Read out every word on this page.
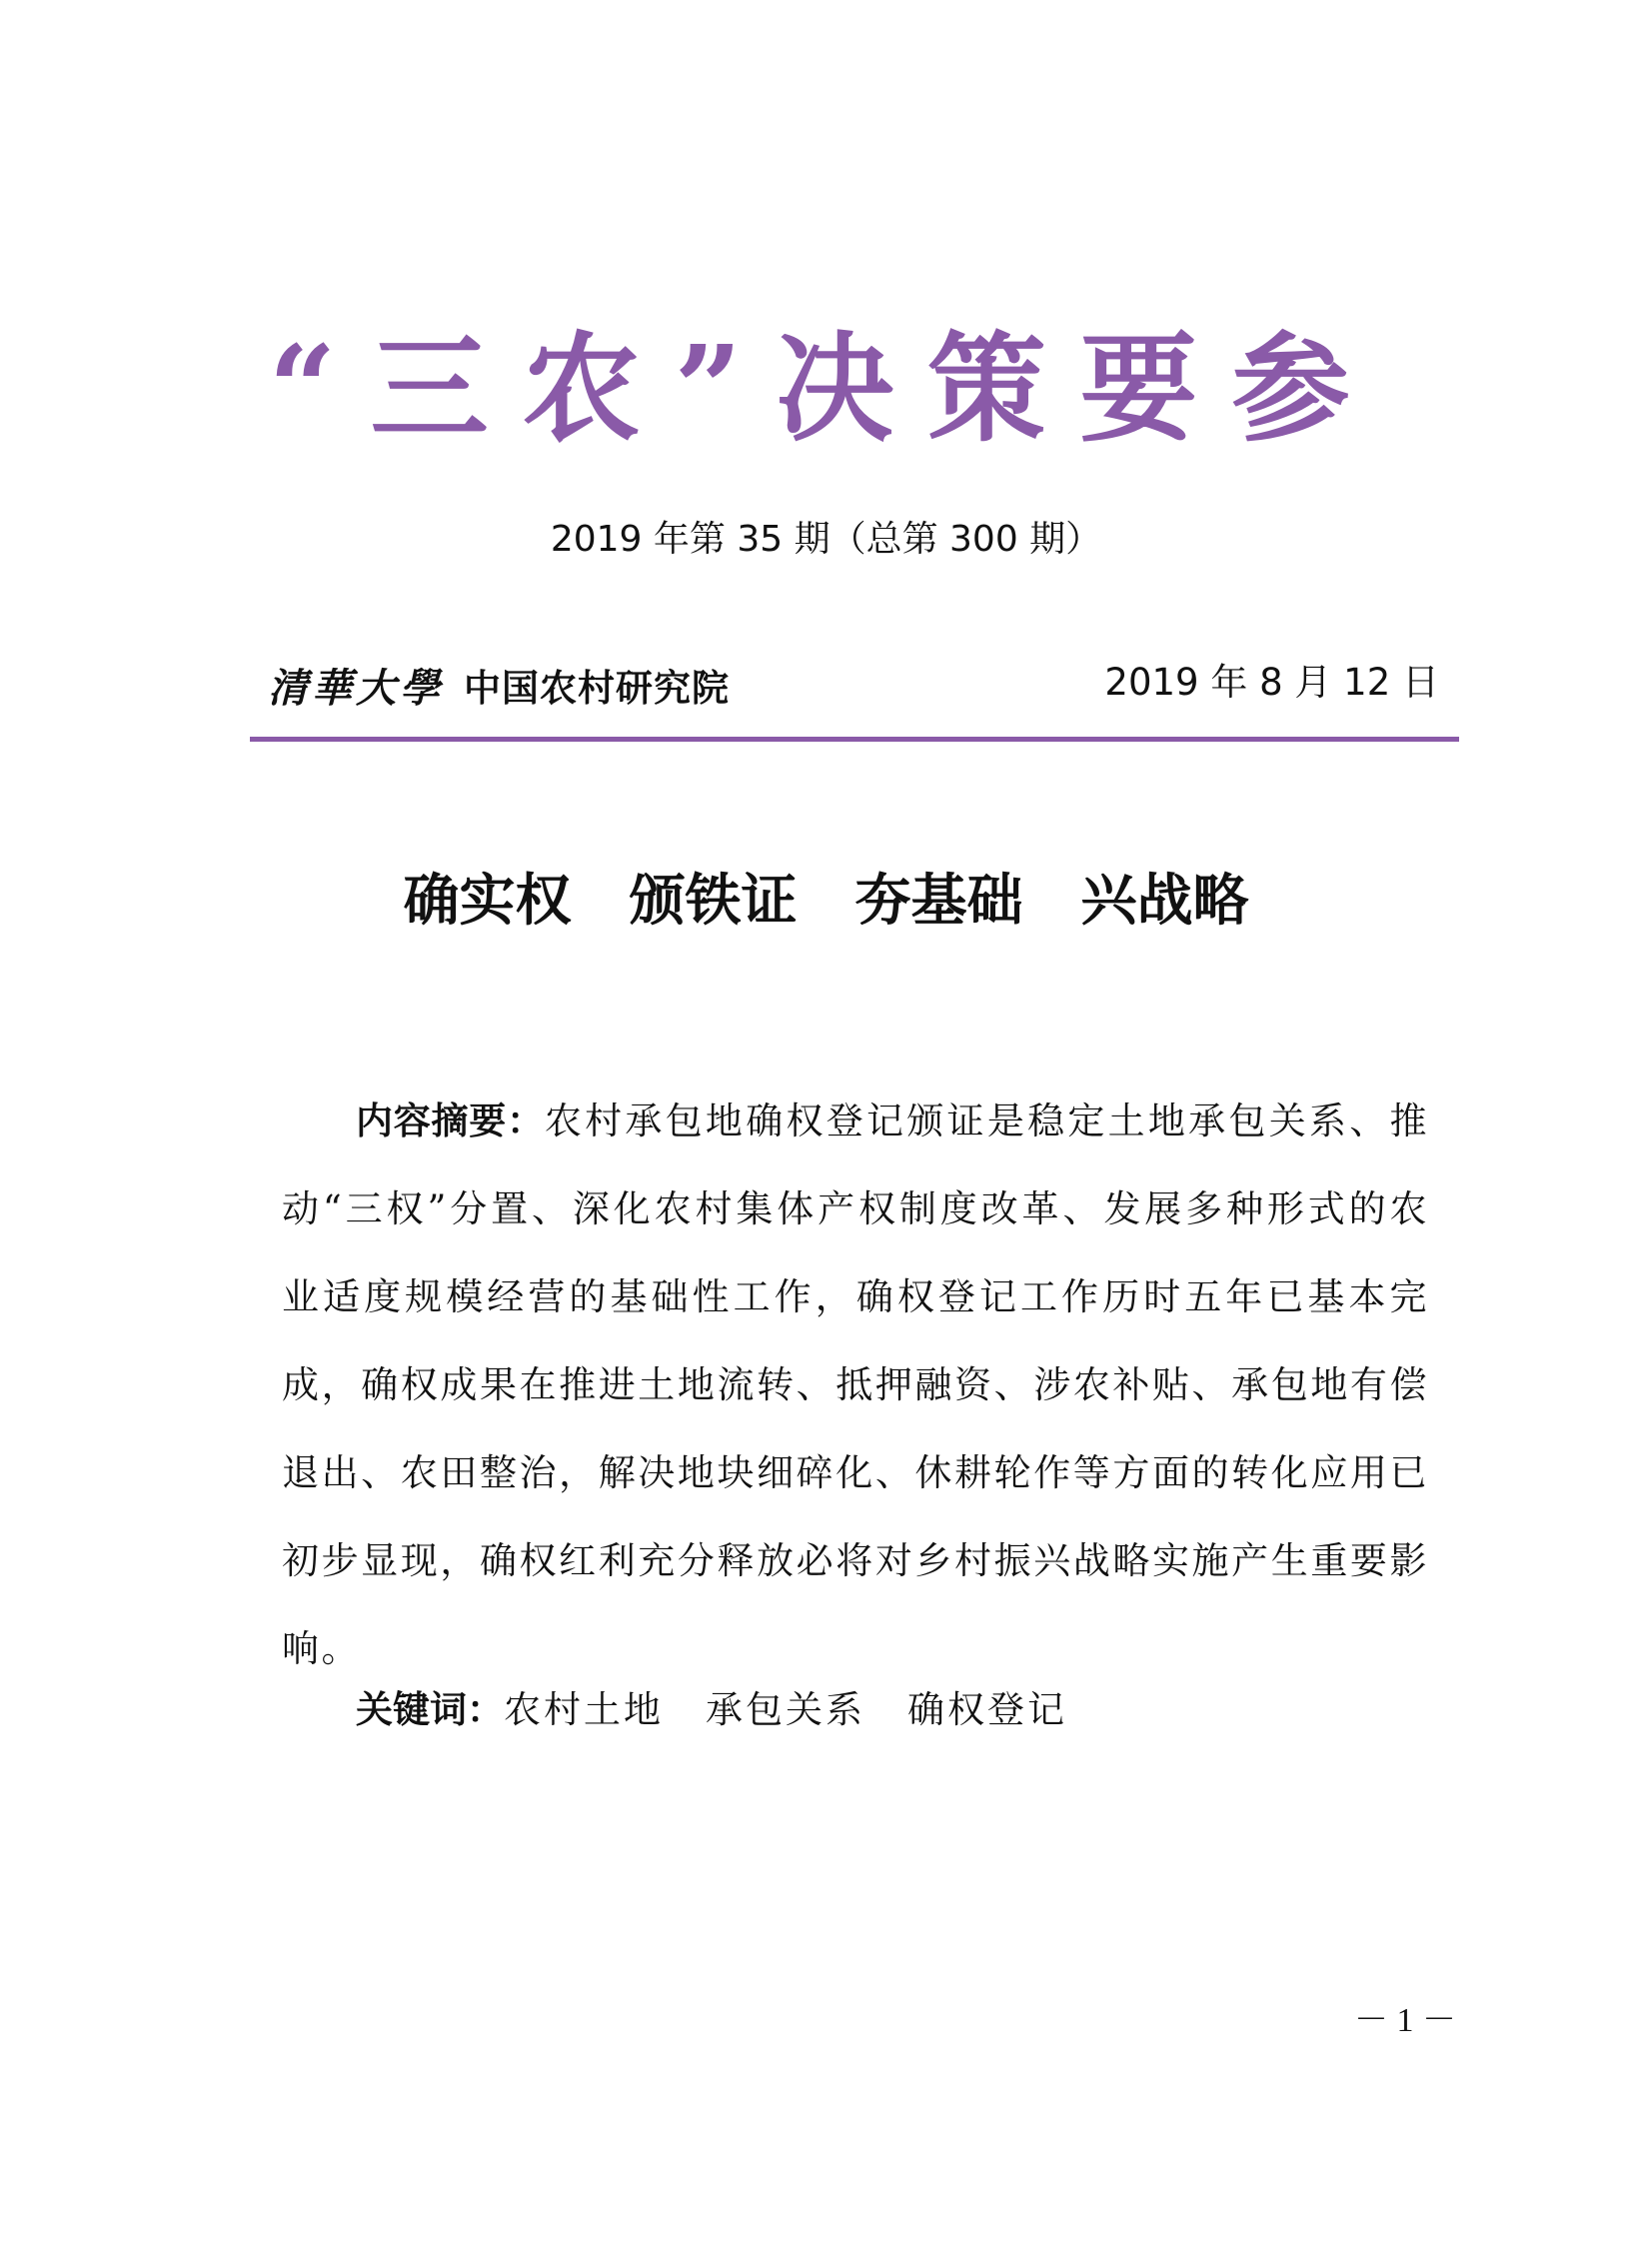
“三农”决策要参
2019 年第 35 期（总第 300 期）
清華大學 中国农村研究院	2019 年 8 月 12 日
确实权 颁铁证 夯基础 兴战略
内容摘要：农村承包地确权登记颁证是稳定土地承包关系、推动“三权”分置、深化农村集体产权制度改革、发展多种形式的农业适度规模经营的基础性工作，确权登记工作历时五年已基本完成，确权成果在推进土地流转、抵押融资、涉农补贴、承包地有偿退出、农田整治，解决地块细碎化、休耕轮作等方面的转化应用已初步显现，确权红利充分释放必将对乡村振兴战略实施产生重要影响。
关键词：农村土地 承包关系 确权登记
－ 1 －
